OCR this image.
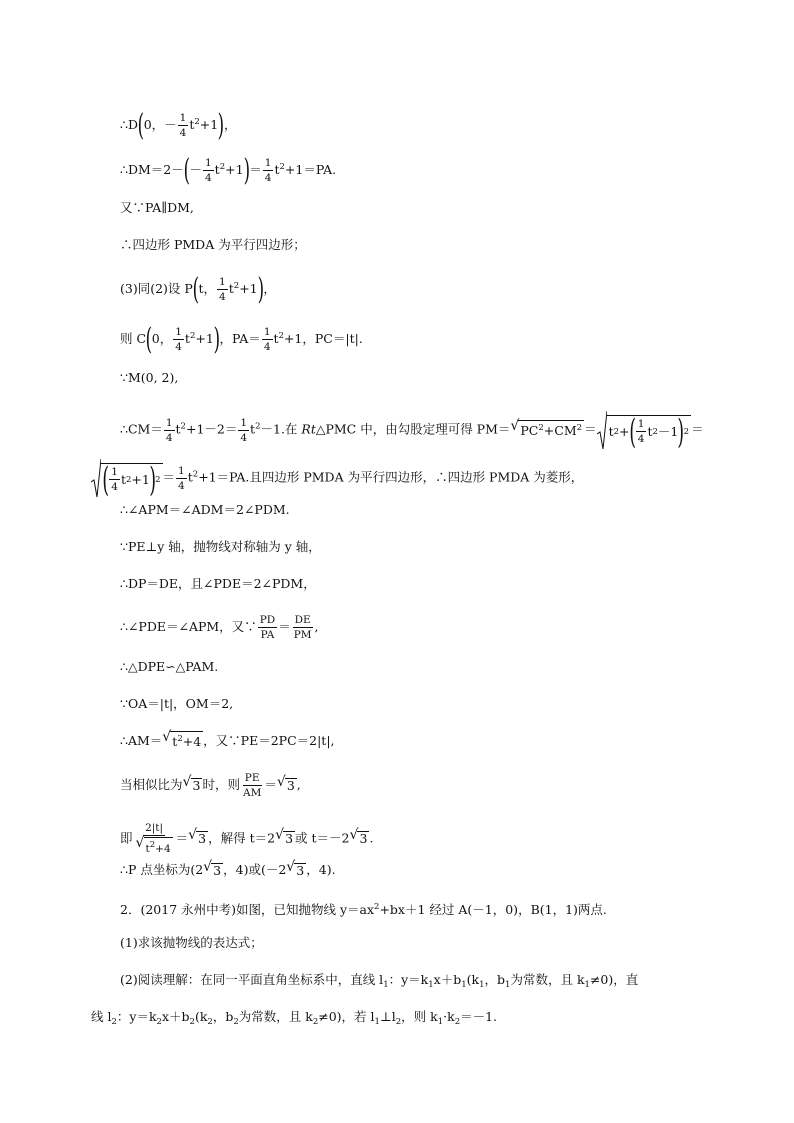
∴D(0，－ $\frac{1}{4} t^2+1$)，
∴DM＝2－(－ $\frac{1}{4} t^2+1)= \frac{1}{4} t^2+1=PA$.
又∵PA∥DM,
∴四边形 PMDA 为平行四边形；
(3)同(2)设 P(t， $\frac{1}{4} t^2+1$)，
则 C(0， $\frac{1}{4} t^2+1$)，$PA= \frac{1}{4} t^2+1$，PC＝|t|.
∵M(0, 2),
∴CM＝ $\frac{1}{4} t^2+1-2= \frac{1}{4} t^2-1$.在 Rt△PMC 中，由勾股定理可得 PM＝ √ $PC^2+CM^2 = t$ 2 + ( $\frac{1}{4}$ t 2 －1 ) 2 ＝
( $\frac{1}{4}$ t 2 +1 ) $2 = \frac{1}{4} t^2+1=PA$.且四边形 PMDA 为平行四边形，∴四边形 PMDA 为菱形，
∴∠APM＝∠ADM＝2∠PDM.
∵PE⊥y 轴，抛物线对称轴为 y 轴，
∴DP＝DE，且∠PDE＝2∠PDM，
∴∠PDE＝∠APM，又∵ $\frac{PD}{PA} = \frac{DE}{PM}$ ,
∴△DPE∽△PAM.
∵OA＝|t|，OM＝2,
∴AM＝ √ $t^2+4$ ，又∵PE＝2PC＝2|t|,
当相似比为 √ 3 时，则 $\frac{PE}{AM}$ ＝ √ 3 ,
即 $\frac{2|t|}{√ t^2+4}$ ＝ √ 3 ，解得 t＝2 √ 3 或 t＝－2 √ 3 .
∴P 点坐标为(2 √ 3 ，4)或(－2 √ 3 ，4).
2．(2017 永州中考)如图，已知抛物线 $y=ax^2+bx+1$ 经过 A(－1，0)，B(1，1)两点.
(1)求该抛物线的表达式；
(2)阅读理解：在同一平面直角坐标系中，直线 $l_1$：$y=k_1x+b_1(k_1$，$b_1$为常数，且 $k_1\ne 0$)，直
线 $l_2$：$y=k_2x+b_2(k_2$，$b_2$为常数，且 $k_2\ne 0$)，若 $l_1\perp l_2$，则 $k_1\cdot k_2=-1$.
